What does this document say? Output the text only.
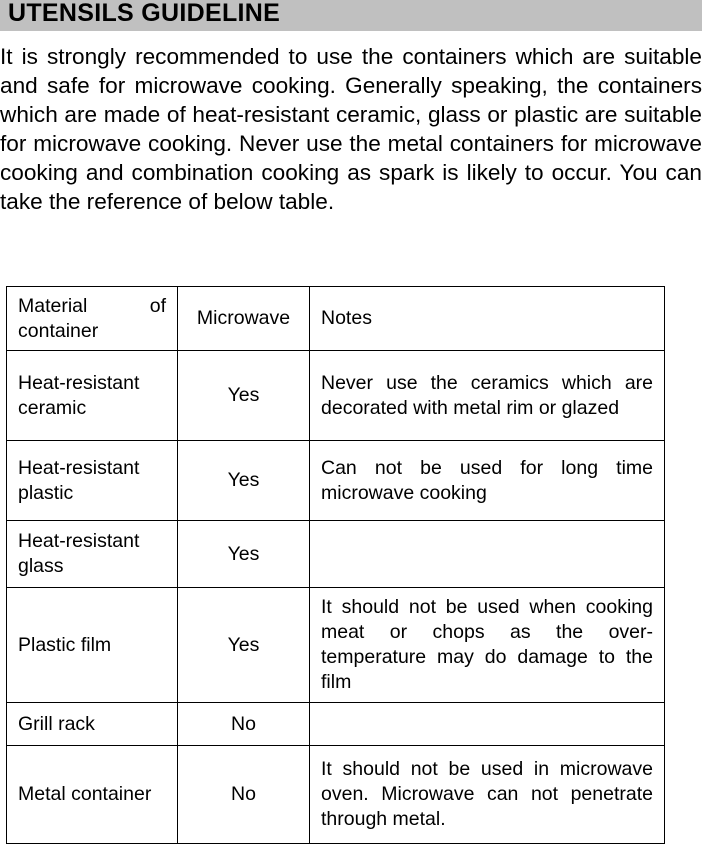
UTENSILS GUIDELINE

It is strongly recommended to use the containers which are suitable and safe for microwave cooking. Generally speaking, the containers which are made of heat-resistant ceramic, glass or plastic are suitable for microwave cooking. Never use the metal containers for microwave cooking and combination cooking as spark is likely to occur. You can take the reference of below table.

Material of container	Microwave	Notes
Heat-resistant ceramic	Yes	Never use the ceramics which are decorated with metal rim or glazed
Heat-resistant plastic	Yes	Can not be used for long time microwave cooking
Heat-resistant glass	Yes	
Plastic film	Yes	It should not be used when cooking meat or chops as the over-temperature may do damage to the film
Grill rack	No	
Metal container	No	It should not be used in microwave oven. Microwave can not penetrate through metal.
